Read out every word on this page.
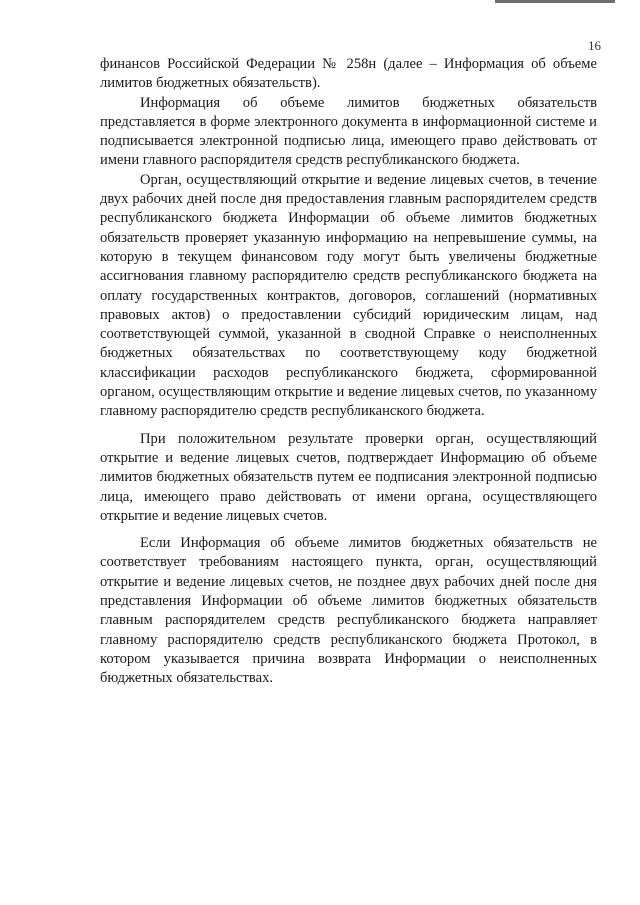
16

финансов Российской Федерации № 258н (далее – Информация об объеме лимитов бюджетных обязательств).

Информация об объеме лимитов бюджетных обязательств представляется в форме электронного документа в информационной системе и подписывается электронной подписью лица, имеющего право действовать от имени главного распорядителя средств республиканского бюджета.

Орган, осуществляющий открытие и ведение лицевых счетов, в течение двух рабочих дней после дня предоставления главным распорядителем средств республиканского бюджета Информации об объеме лимитов бюджетных обязательств проверяет указанную информацию на непревышение суммы, на которую в текущем финансовом году могут быть увеличены бюджетные ассигнования главному распорядителю средств республиканского бюджета на оплату государственных контрактов, договоров, соглашений (нормативных правовых актов) о предоставлении субсидий юридическим лицам, над соответствующей суммой, указанной в сводной Справке о неисполненных бюджетных обязательствах по соответствующему коду бюджетной классификации расходов республиканского бюджета, сформированной органом, осуществляющим открытие и ведение лицевых счетов, по указанному главному распорядителю средств республиканского бюджета.

При положительном результате проверки орган, осуществляющий открытие и ведение лицевых счетов, подтверждает Информацию об объеме лимитов бюджетных обязательств путем ее подписания электронной подписью лица, имеющего право действовать от имени органа, осуществляющего открытие и ведение лицевых счетов.

Если Информация об объеме лимитов бюджетных обязательств не соответствует требованиям настоящего пункта, орган, осуществляющий открытие и ведение лицевых счетов, не позднее двух рабочих дней после дня представления Информации об объеме лимитов бюджетных обязательств главным распорядителем средств республиканского бюджета направляет главному распорядителю средств республиканского бюджета Протокол, в котором указывается причина возврата Информации о неисполненных бюджетных обязательствах.
